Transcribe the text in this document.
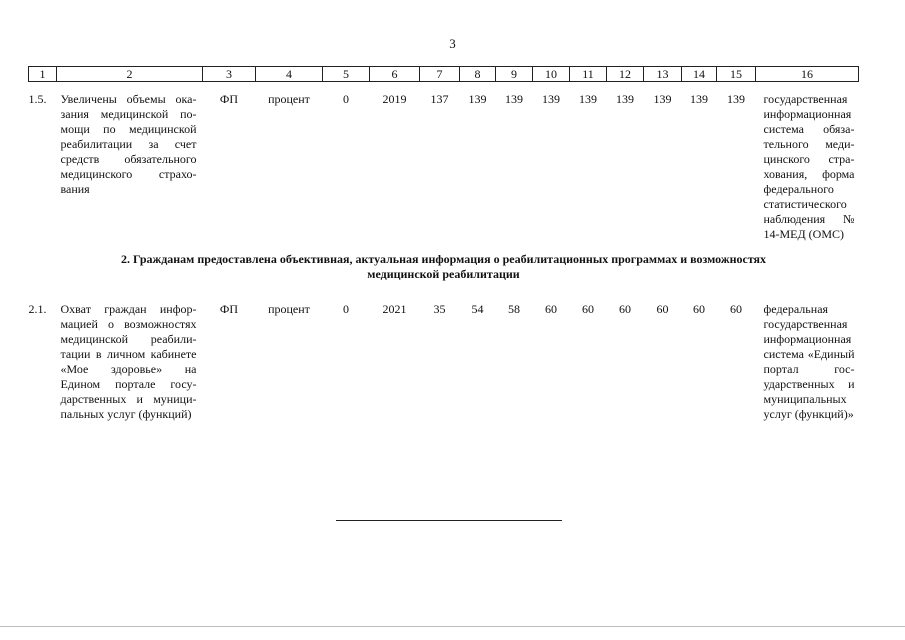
3
1	2	3	4	5	6	7	8	9	10	11	12	13	14	15	16
1.5.	Увеличены объемы оказания медицинской помощи по медицинской реабилитации за счет средств обязательного медицинского страхования	ФП	процент	0	2019	137	139	139	139	139	139	139	139	139	государственная информационная система обязательного медицинского страхования, форма федерального статистического наблюдения № 14-МЕД (ОМС)
2. Гражданам предоставлена объективная, актуальная информация о реабилитационных программах и возможностях медицинской реабилитации															
2.1.	Охват граждан информацией о возможностях медицинской реабилитации в личном кабинете «Мое здоровье» на Едином портале государственных и муниципальных услуг (функций)	ФП	процент	0	2021	35	54	58	60	60	60	60	60	60	федеральная государственная информационная система «Единый портал государственных и муниципальных услуг (функций)»
